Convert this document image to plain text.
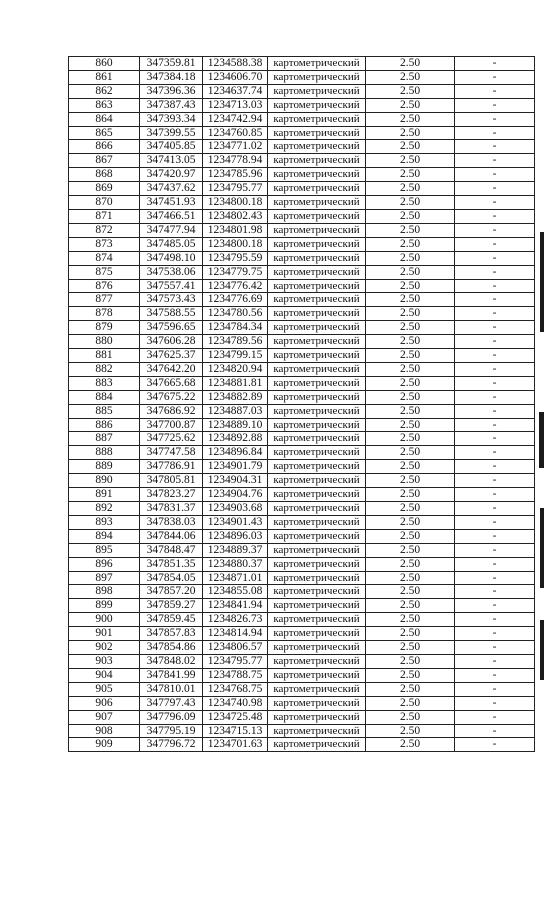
860	347359.81	1234588.38	картометрический	2.50	-
861	347384.18	1234606.70	картометрический	2.50	-
862	347396.36	1234637.74	картометрический	2.50	-
863	347387.43	1234713.03	картометрический	2.50	-
864	347393.34	1234742.94	картометрический	2.50	-
865	347399.55	1234760.85	картометрический	2.50	-
866	347405.85	1234771.02	картометрический	2.50	-
867	347413.05	1234778.94	картометрический	2.50	-
868	347420.97	1234785.96	картометрический	2.50	-
869	347437.62	1234795.77	картометрический	2.50	-
870	347451.93	1234800.18	картометрический	2.50	-
871	347466.51	1234802.43	картометрический	2.50	-
872	347477.94	1234801.98	картометрический	2.50	-
873	347485.05	1234800.18	картометрический	2.50	-
874	347498.10	1234795.59	картометрический	2.50	-
875	347538.06	1234779.75	картометрический	2.50	-
876	347557.41	1234776.42	картометрический	2.50	-
877	347573.43	1234776.69	картометрический	2.50	-
878	347588.55	1234780.56	картометрический	2.50	-
879	347596.65	1234784.34	картометрический	2.50	-
880	347606.28	1234789.56	картометрический	2.50	-
881	347625.37	1234799.15	картометрический	2.50	-
882	347642.20	1234820.94	картометрический	2.50	-
883	347665.68	1234881.81	картометрический	2.50	-
884	347675.22	1234882.89	картометрический	2.50	-
885	347686.92	1234887.03	картометрический	2.50	-
886	347700.87	1234889.10	картометрический	2.50	-
887	347725.62	1234892.88	картометрический	2.50	-
888	347747.58	1234896.84	картометрический	2.50	-
889	347786.91	1234901.79	картометрический	2.50	-
890	347805.81	1234904.31	картометрический	2.50	-
891	347823.27	1234904.76	картометрический	2.50	-
892	347831.37	1234903.68	картометрический	2.50	-
893	347838.03	1234901.43	картометрический	2.50	-
894	347844.06	1234896.03	картометрический	2.50	-
895	347848.47	1234889.37	картометрический	2.50	-
896	347851.35	1234880.37	картометрический	2.50	-
897	347854.05	1234871.01	картометрический	2.50	-
898	347857.20	1234855.08	картометрический	2.50	-
899	347859.27	1234841.94	картометрический	2.50	-
900	347859.45	1234826.73	картометрический	2.50	-
901	347857.83	1234814.94	картометрический	2.50	-
902	347854.86	1234806.57	картометрический	2.50	-
903	347848.02	1234795.77	картометрический	2.50	-
904	347841.99	1234788.75	картометрический	2.50	-
905	347810.01	1234768.75	картометрический	2.50	-
906	347797.43	1234740.98	картометрический	2.50	-
907	347796.09	1234725.48	картометрический	2.50	-
908	347795.19	1234715.13	картометрический	2.50	-
909	347796.72	1234701.63	картометрический	2.50	-
